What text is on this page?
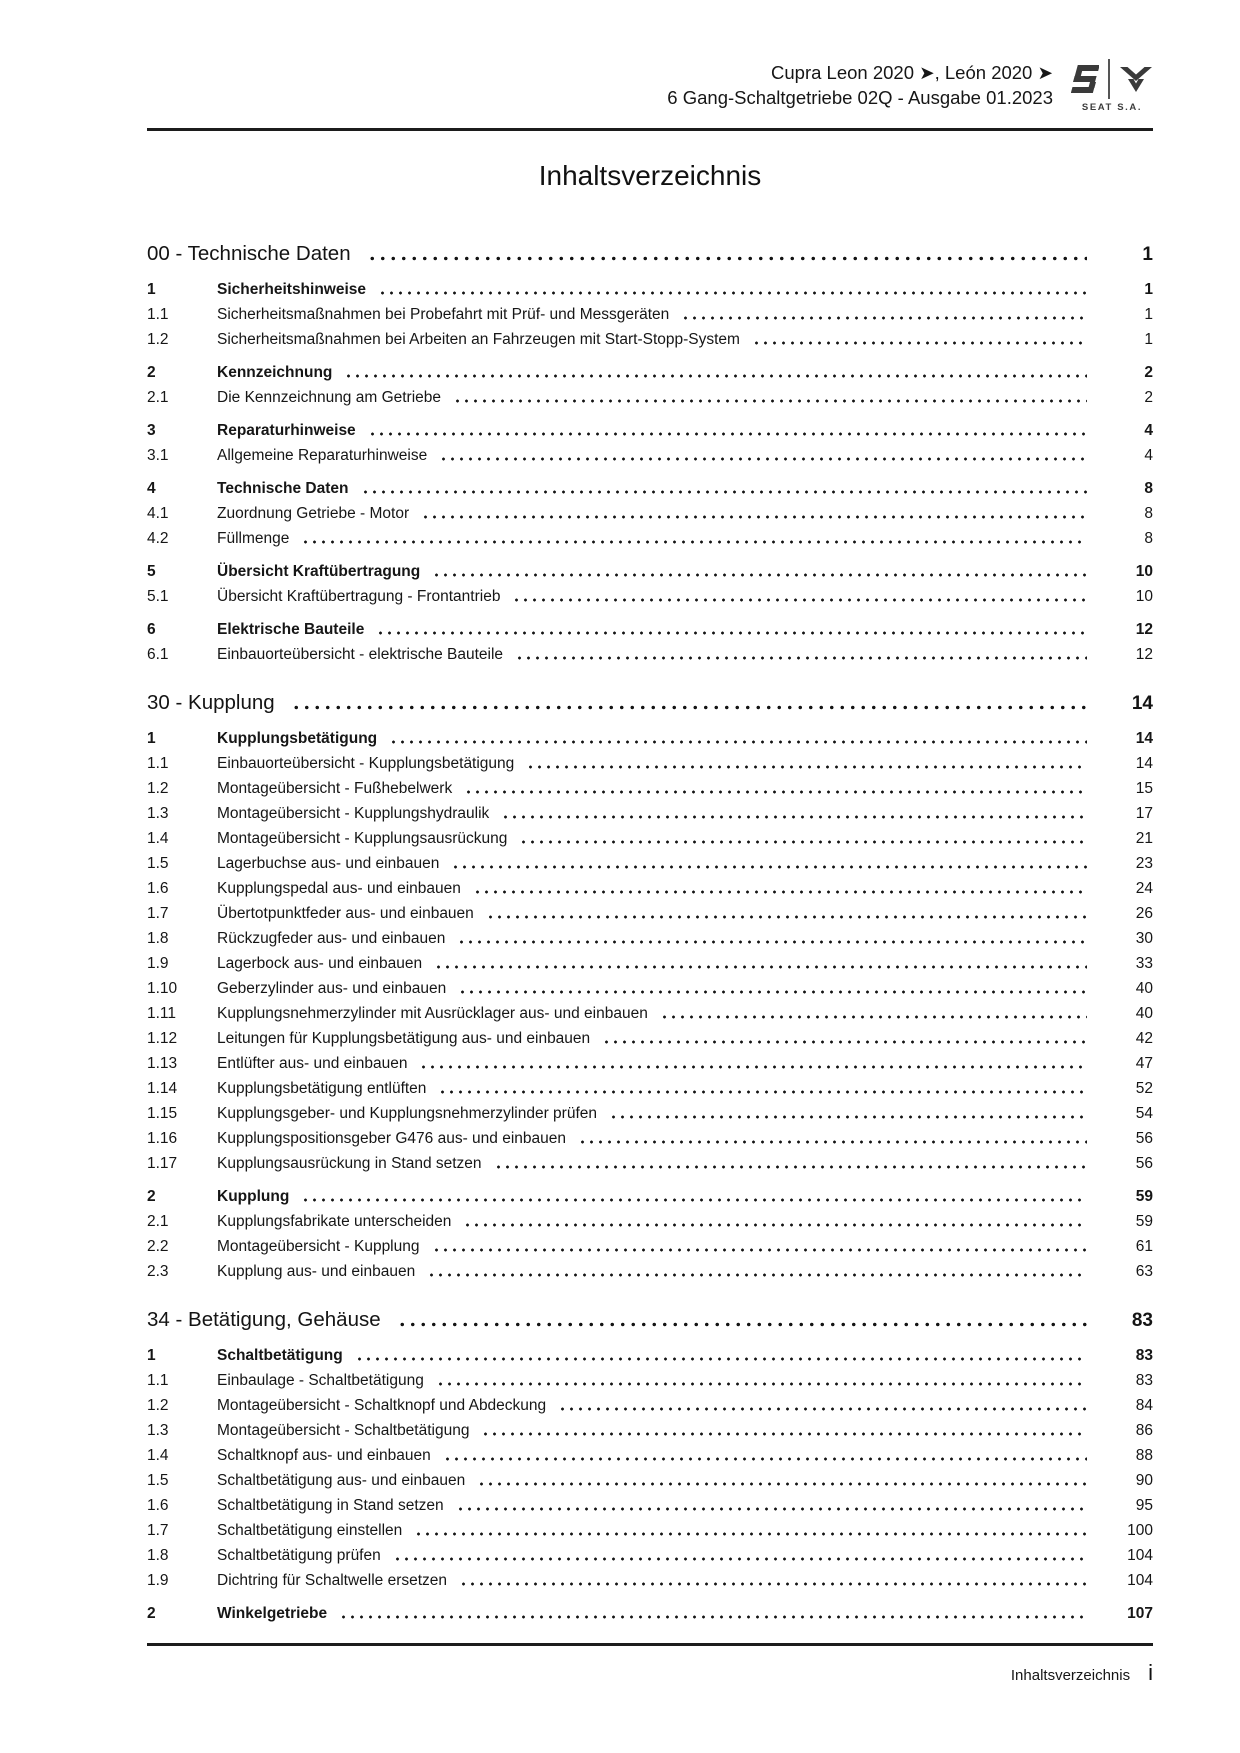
Cupra Leon 2020 ➤, León 2020 ➤
6 Gang-Schaltgetriebe 02Q - Ausgabe 01.2023	SEAT S.A.
Inhaltsverzeichnis
00 - Technische Daten	1
1	Sicherheitshinweise	1
1.1	Sicherheitsmaßnahmen bei Probefahrt mit Prüf- und Messgeräten	1
1.2	Sicherheitsmaßnahmen bei Arbeiten an Fahrzeugen mit Start-Stopp-System	1
2	Kennzeichnung	2
2.1	Die Kennzeichnung am Getriebe	2
3	Reparaturhinweise	4
3.1	Allgemeine Reparaturhinweise	4
4	Technische Daten	8
4.1	Zuordnung Getriebe - Motor	8
4.2	Füllmenge	8
5	Übersicht Kraftübertragung	10
5.1	Übersicht Kraftübertragung - Frontantrieb	10
6	Elektrische Bauteile	12
6.1	Einbauorteübersicht - elektrische Bauteile	12
30 - Kupplung	14
1	Kupplungsbetätigung	14
1.1	Einbauorteübersicht - Kupplungsbetätigung	14
1.2	Montageübersicht - Fußhebelwerk	15
1.3	Montageübersicht - Kupplungshydraulik	17
1.4	Montageübersicht - Kupplungsausrückung	21
1.5	Lagerbuchse aus- und einbauen	23
1.6	Kupplungspedal aus- und einbauen	24
1.7	Übertotpunktfeder aus- und einbauen	26
1.8	Rückzugfeder aus- und einbauen	30
1.9	Lagerbock aus- und einbauen	33
1.10	Geberzylinder aus- und einbauen	40
1.11	Kupplungsnehmerzylinder mit Ausrücklager aus- und einbauen	40
1.12	Leitungen für Kupplungsbetätigung aus- und einbauen	42
1.13	Entlüfter aus- und einbauen	47
1.14	Kupplungsbetätigung entlüften	52
1.15	Kupplungsgeber- und Kupplungsnehmerzylinder prüfen	54
1.16	Kupplungspositionsgeber G476 aus- und einbauen	56
1.17	Kupplungsausrückung in Stand setzen	56
2	Kupplung	59
2.1	Kupplungsfabrikate unterscheiden	59
2.2	Montageübersicht - Kupplung	61
2.3	Kupplung aus- und einbauen	63
34 - Betätigung, Gehäuse	83
1	Schaltbetätigung	83
1.1	Einbaulage - Schaltbetätigung	83
1.2	Montageübersicht - Schaltknopf und Abdeckung	84
1.3	Montageübersicht - Schaltbetätigung	86
1.4	Schaltknopf aus- und einbauen	88
1.5	Schaltbetätigung aus- und einbauen	90
1.6	Schaltbetätigung in Stand setzen	95
1.7	Schaltbetätigung einstellen	100
1.8	Schaltbetätigung prüfen	104
1.9	Dichtring für Schaltwelle ersetzen	104
2	Winkelgetriebe	107
Inhaltsverzeichnis i
